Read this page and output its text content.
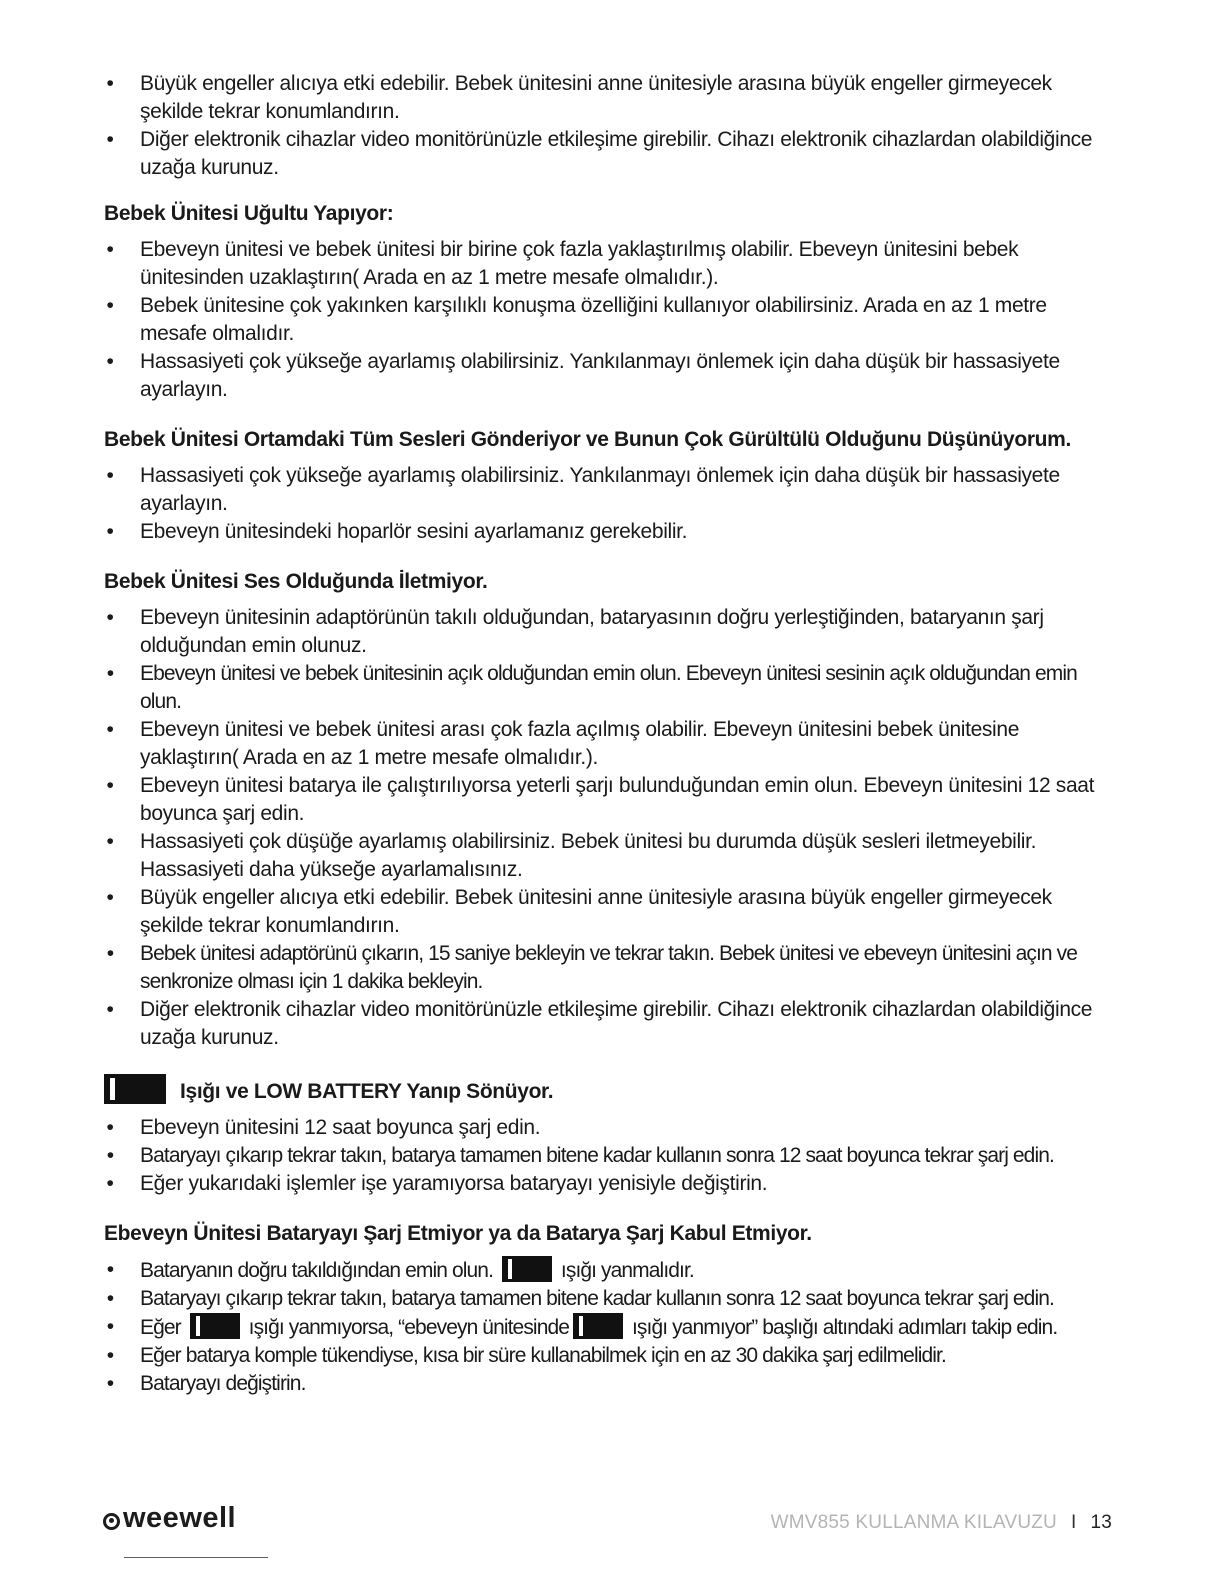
• Büyük engeller alıcıya etki edebilir. Bebek ünitesini anne ünitesiyle arasına büyük engeller girmeyecek şekilde tekrar konumlandırın.
• Diğer elektronik cihazlar video monitörünüzle etkileşime girebilir. Cihazı elektronik cihazlardan olabildiğince uzağa kurunuz.
Bebek Ünitesi Uğultu Yapıyor:
• Ebeveyn ünitesi ve bebek ünitesi bir birine çok fazla yaklaştırılmış olabilir. Ebeveyn ünitesini bebek ünitesinden uzaklaştırın( Arada en az 1 metre mesafe olmalıdır.).
• Bebek ünitesine çok yakınken karşılıklı konuşma özelliğini kullanıyor olabilirsiniz. Arada en az 1 metre mesafe olmalıdır.
• Hassasiyeti çok yükseğe ayarlamış olabilirsiniz. Yankılanmayı önlemek için daha düşük bir hassasiyete ayarlayın.
Bebek Ünitesi Ortamdaki Tüm Sesleri Gönderiyor ve Bunun Çok Gürültülü Olduğunu Düşünüyorum.
• Hassasiyeti çok yükseğe ayarlamış olabilirsiniz. Yankılanmayı önlemek için daha düşük bir hassasiyete ayarlayın.
• Ebeveyn ünitesindeki hoparlör sesini ayarlamanız gerekebilir.
Bebek Ünitesi Ses Olduğunda İletmiyor.
• Ebeveyn ünitesinin adaptörünün takılı olduğundan, bataryasının doğru yerleştiğinden, bataryanın şarj olduğundan emin olunuz.
• Ebeveyn ünitesi ve bebek ünitesinin açık olduğundan emin olun. Ebeveyn ünitesi sesinin açık olduğundan emin olun.
• Ebeveyn ünitesi ve bebek ünitesi arası çok fazla açılmış olabilir. Ebeveyn ünitesini bebek ünitesine yaklaştırın( Arada en az 1 metre mesafe olmalıdır.).
• Ebeveyn ünitesi batarya ile çalıştırılıyorsa yeterli şarjı bulunduğundan emin olun. Ebeveyn ünitesini 12 saat boyunca şarj edin.
• Hassasiyeti çok düşüğe ayarlamış olabilirsiniz. Bebek ünitesi bu durumda düşük sesleri iletmeyebilir. Hassasiyeti daha yükseğe ayarlamalısınız.
• Büyük engeller alıcıya etki edebilir. Bebek ünitesini anne ünitesiyle arasına büyük engeller girmeyecek şekilde tekrar konumlandırın.
• Bebek ünitesi adaptörünü çıkarın, 15 saniye bekleyin ve tekrar takın. Bebek ünitesi ve ebeveyn ünitesini açın ve senkronize olması için 1 dakika bekleyin.
• Diğer elektronik cihazlar video monitörünüzle etkileşime girebilir. Cihazı elektronik cihazlardan olabildiğince uzağa kurunuz.
Işığı ve LOW BATTERY Yanıp Sönüyor.
• Ebeveyn ünitesini 12 saat boyunca şarj edin.
• Bataryayı çıkarıp tekrar takın, batarya tamamen bitene kadar kullanın sonra 12 saat boyunca tekrar şarj edin.
• Eğer yukarıdaki işlemler işe yaramıyorsa bataryayı yenisiyle değiştirin.
Ebeveyn Ünitesi Bataryayı Şarj Etmiyor ya da Batarya Şarj Kabul Etmiyor.
• Bataryanın doğru takıldığından emin olun.	ışığı yanmalıdır.
• Bataryayı çıkarıp tekrar takın, batarya tamamen bitene kadar kullanın sonra 12 saat boyunca tekrar şarj edin.
• Eğer	ışığı yanmıyorsa, “ebeveyn ünitesinde	ışığı yanmıyor” başlığı altındaki adımları takip edin.
• Eğer batarya komple tükendiyse, kısa bir süre kullanabilmek için en az 30 dakika şarj edilmelidir.
• Bataryayı değiştirin.
weewell	WMV855 KULLANMA KILAVUZU I 13
